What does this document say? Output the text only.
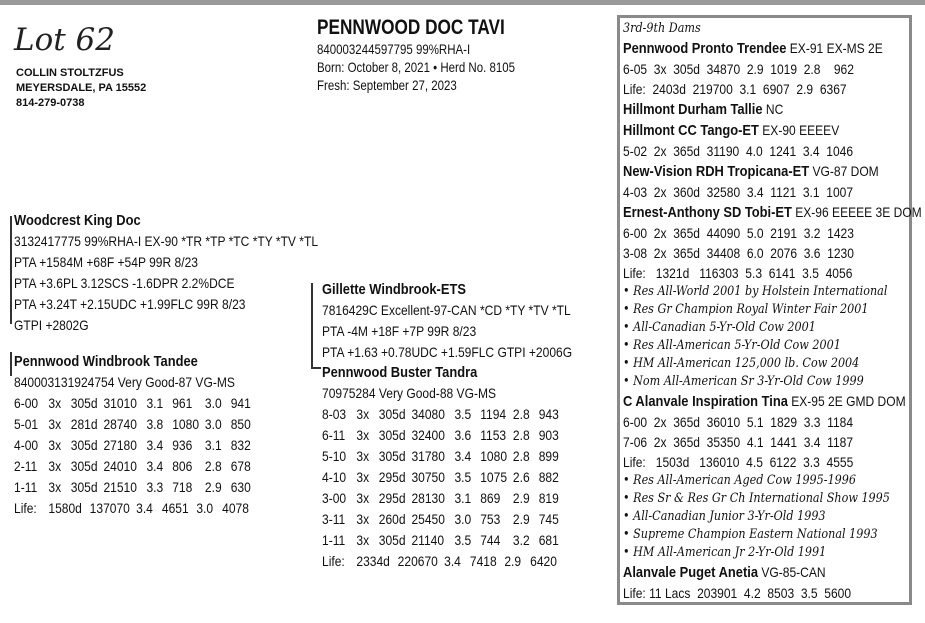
Lot 62
COLLIN STOLTZFUS
MEYERSDALE, PA 15552
814-279-0738
PENNWOOD DOC TAVI
840003244597795 99%RHA-I
Born: October 8, 2021 • Herd No. 8105
Fresh: September 27, 2023
Woodcrest King Doc
3132417775 99%RHA-I EX-90 *TR *TP *TC *TY *TV *TL
PTA +1584M +68F +54P 99R 8/23
PTA +3.6PL 3.12SCS -1.6DPR 2.2%DCE
PTA +3.24T +2.15UDC +1.99FLC 99R 8/23
GTPI +2802G
Pennwood Windbrook Tandee
840003131924754 Very Good-87 VG-MS
6-00 3x 305d 31010 3.1 961 3.0 941
5-01 3x 281d 28740 3.8 1080 3.0 850
4-00 3x 305d 27180 3.4 936 3.1 832
2-11 3x 305d 24010 3.4 806 2.8 678
1-11 3x 305d 21510 3.3 718 2.9 630
Life: 1580d 137070 3.4 4651 3.0 4078
Gillette Windbrook-ETS
7816429C Excellent-97-CAN *CD *TY *TV *TL
PTA -4M +18F +7P 99R 8/23
PTA +1.63 +0.78UDC +1.59FLC GTPI +2006G
Pennwood Buster Tandra
70975284 Very Good-88 VG-MS
8-03 3x 305d 34080 3.5 1194 2.8 943
6-11 3x 305d 32400 3.6 1153 2.8 903
5-10 3x 305d 31780 3.4 1080 2.8 899
4-10 3x 295d 30750 3.5 1075 2.6 882
3-00 3x 295d 28130 3.1 869 2.9 819
3-11 3x 260d 25450 3.0 753 2.9 745
1-11 3x 305d 21140 3.5 744 3.2 681
Life: 2334d 220670 3.4 7418 2.9 6420
3rd-9th Dams
Pennwood Pronto Trendee EX-91 EX-MS 2E
6-05  3x  305d  34870  2.9  1019  2.8    962
Life:  2403d  219700  3.1  6907  2.9  6367
Hillmont Durham Tallie NC
Hillmont CC Tango-ET EX-90 EEEEV
5-02  2x  365d  31190  4.0  1241  3.4  1046
New-Vision RDH Tropicana-ET VG-87 DOM
4-03  2x  360d  32580  3.4  1121  3.1  1007
Ernest-Anthony SD Tobi-ET EX-96 EEEEE 3E DOM
6-00  2x  365d  44090  5.0  2191  3.2  1423
3-08  2x  365d  34408  6.0  2076  3.6  1230
Life:   1321d   116303  5.3  6141  3.5  4056
• Res All-World 2001 by Holstein International
• Res Gr Champion Royal Winter Fair 2001
• All-Canadian 5-Yr-Old Cow 2001
• Res All-American 5-Yr-Old Cow 2001
• HM All-American 125,000 lb. Cow 2004
• Nom All-American Sr 3-Yr-Old Cow 1999
C Alanvale Inspiration Tina EX-95 2E GMD DOM
6-00  2x  365d  36010  5.1  1829  3.3  1184
7-06  2x  365d  35350  4.1  1441  3.4  1187
Life:   1503d   136010  4.5  6122  3.3  4555
• Res All-American Aged Cow 1995-1996
• Res Sr & Res Gr Ch International Show 1995
• All-Canadian Junior 3-Yr-Old 1993
• Supreme Champion Eastern National 1993
• HM All-American Jr 2-Yr-Old 1991
Alanvale Puget Anetia VG-85-CAN
Life: 11 Lacs  203901  4.2  8503  3.5  5600
